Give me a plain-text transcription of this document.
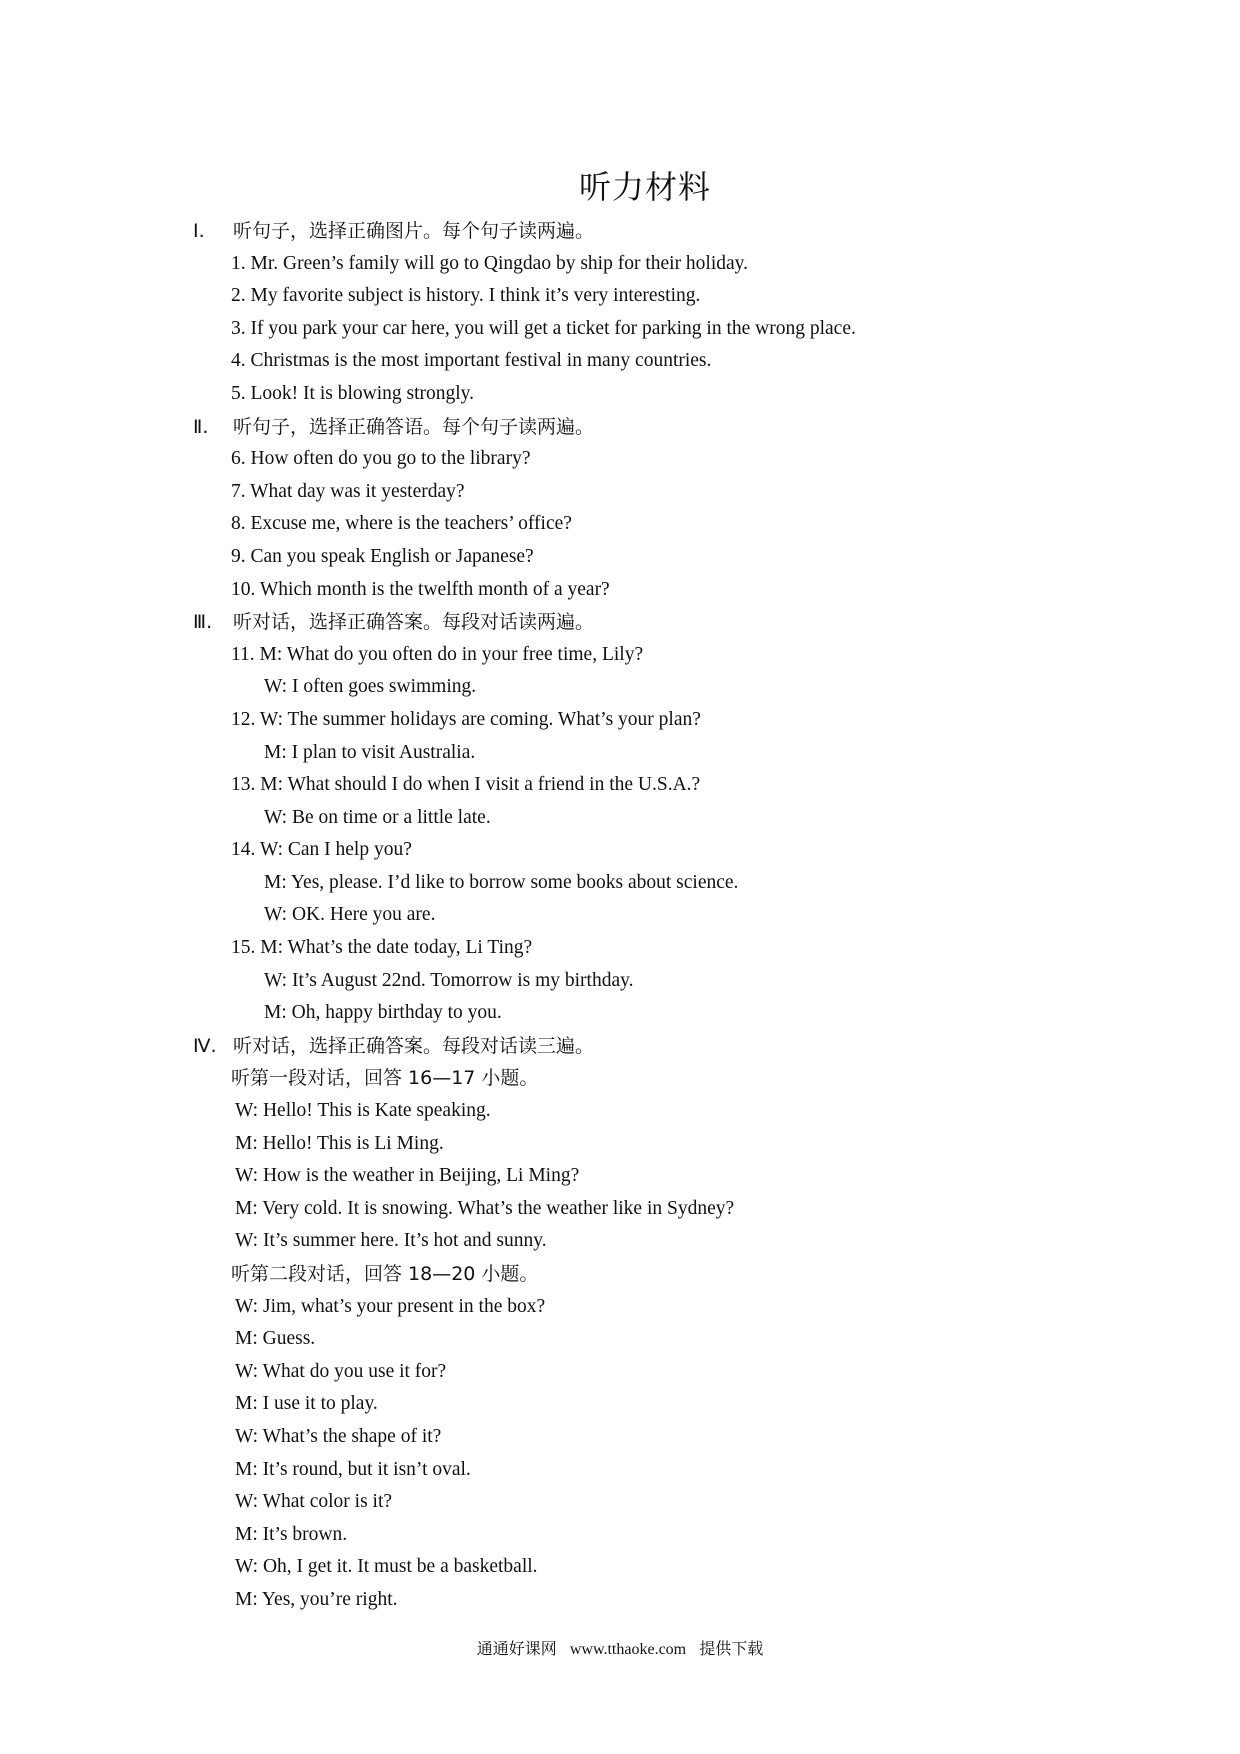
听力材料
Ⅰ. 听句子，选择正确图片。每个句子读两遍。
1. Mr. Green’s family will go to Qingdao by ship for their holiday.
2. My favorite subject is history. I think it’s very interesting.
3. If you park your car here, you will get a ticket for parking in the wrong place.
4. Christmas is the most important festival in many countries.
5. Look! It is blowing strongly.
Ⅱ. 听句子，选择正确答语。每个句子读两遍。
6. How often do you go to the library?
7. What day was it yesterday?
8. Excuse me, where is the teachers’ office?
9. Can you speak English or Japanese?
10. Which month is the twelfth month of a year?
Ⅲ. 听对话，选择正确答案。每段对话读两遍。
11. M: What do you often do in your free time, Lily?
W: I often goes swimming.
12. W: The summer holidays are coming. What’s your plan?
M: I plan to visit Australia.
13. M: What should I do when I visit a friend in the U.S.A.?
W: Be on time or a little late.
14. W: Can I help you?
M: Yes, please. I’d like to borrow some books about science.
W: OK. Here you are.
15. M: What’s the date today, Li Ting?
W: It’s August 22nd. Tomorrow is my birthday.
M: Oh, happy birthday to you.
Ⅳ. 听对话，选择正确答案。每段对话读三遍。
听第一段对话，回答 16—17 小题。
W: Hello! This is Kate speaking.
M: Hello! This is Li Ming.
W: How is the weather in Beijing, Li Ming?
M: Very cold. It is snowing. What’s the weather like in Sydney?
W: It’s summer here. It’s hot and sunny.
听第二段对话，回答 18—20 小题。
W: Jim, what’s your present in the box?
M: Guess.
W: What do you use it for?
M: I use it to play.
W: What’s the shape of it?
M: It’s round, but it isn’t oval.
W: What color is it?
M: It’s brown.
W: Oh, I get it. It must be a basketball.
M: Yes, you’re right.
通通好课网 www.tthaoke.com 提供下载
